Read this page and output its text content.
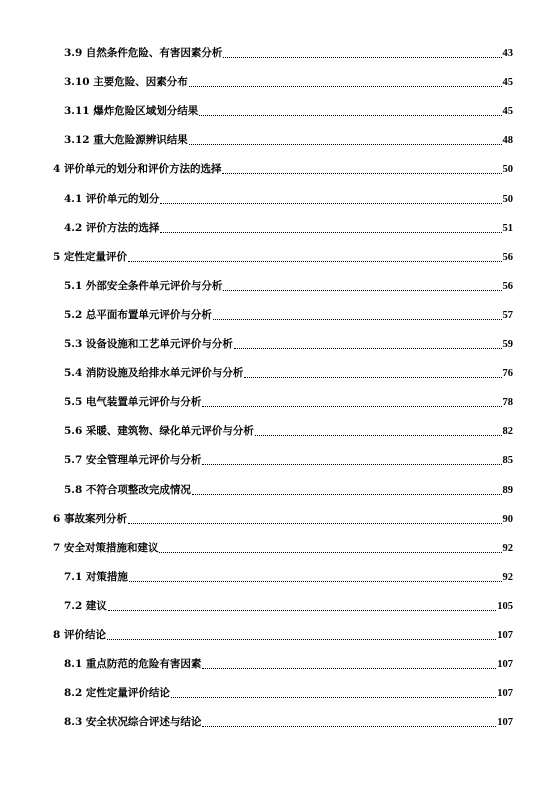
3.9 自然条件危险、有害因素分析	43
3.10 主要危险、因素分布	45
3.11 爆炸危险区域划分结果	45
3.12 重大危险源辨识结果	48
4 评价单元的划分和评价方法的选择	50
4.1 评价单元的划分	50
4.2 评价方法的选择	51
5 定性定量评价	56
5.1 外部安全条件单元评价与分析	56
5.2 总平面布置单元评价与分析	57
5.3 设备设施和工艺单元评价与分析	59
5.4 消防设施及给排水单元评价与分析	76
5.5 电气装置单元评价与分析	78
5.6 采暖、建筑物、绿化单元评价与分析	82
5.7 安全管理单元评价与分析	85
5.8 不符合项整改完成情况	89
6 事故案列分析	90
7 安全对策措施和建议	92
7.1 对策措施	92
7.2 建议	105
8 评价结论	107
8.1 重点防范的危险有害因素	107
8.2 定性定量评价结论	107
8.3 安全状况综合评述与结论	107
